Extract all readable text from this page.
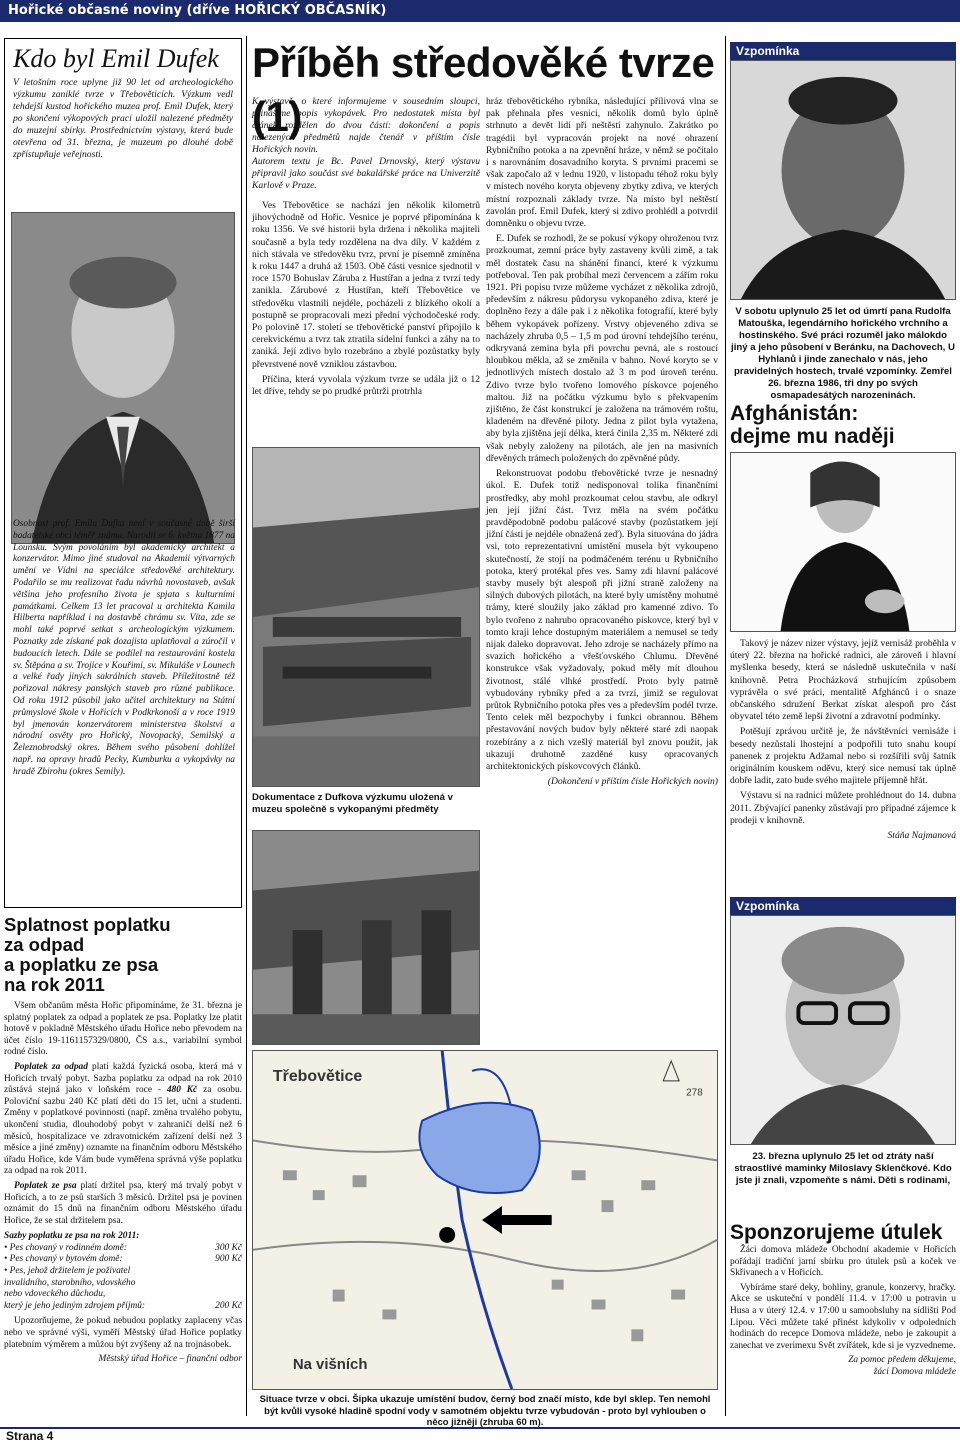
Hořické občasné noviny (dříve HOŘICKÝ OBČASNÍK)
Kdo byl Emil Dufek
V letošním roce uplyne již 90 let od archeologického výzkumu zaniklé tvrze v Třebověticích. Výzkum vedl tehdejší kustod hořického muzea prof. Emil Dufek, který po skončení výkopových prací uložil nalezené předměty do muzejní sbírky. Prostřednictvím výstavy, která bude otevřena od 31. března, je muzeum po dlouhé době zpřístupňuje veřejnosti.
Osobnost prof. Emila Dufka není v současné době širší badatelské obci téměř známa. Narodil se 6. května 1877 na Lounsku. Svým povoláním byl akademický architekt a konzervátor. Mimo jiné studoval na Akademii výtvarných umění ve Vídni na speciálce středověké architektury. Podařilo se mu realizovat řadu návrhů novostaveb, avšak většina jeho profesního života je spjata s kulturními památkami. Celkem 13 let pracoval u architekta Kamila Hilberta například i na dostavbě chrámu sv. Víta, zde se mohl také poprvé setkat s archeologickým výzkumem. Poznatky zde získané pak dozajista uplatňoval a zúročil v budoucích letech. Dále se podílel na restaurování kostela sv. Štěpána a sv. Trojice v Kouřimi, sv. Mikuláše v Lounech a velké řady jiných sakrálních staveb. Příležitostně též pořizoval nákresy panských staveb pro různé publikace. Od roku 1912 působil jako učitel architektury na Státní průmyslové škole v Hořicích v Podkrkonoší a v roce 1919 byl jmenován konzervátorem ministerstva školství a národní osvěty pro Hořický, Novopacký, Semilský a Železnobrodský okres. Během svého působení dohlížel např. na opravy hradů Pecky, Kumburku a vykopávky na hradě Zbirohu (okres Semily).
Splatnost poplatku
za odpad
a poplatku ze psa
na rok 2011

Všem občanům města Hořic připomínáme, že 31. března je splatný poplatek za odpad a poplatek ze psa. Poplatky lze platit hotově v pokladně Městského úřadu Hořice nebo převodem na účet číslo 19-1161157329/0800, ČS a.s., variabilní symbol rodné číslo.

Poplatek za odpad platí každá fyzická osoba, která má v Hořicích trvalý pobyt. Sazba poplatku za odpad na rok 2010 zůstává stejná jako v loňském roce - 480 Kč za osobu. Poloviční sazbu 240 Kč platí děti do 15 let, učni a studenti. Změny v poplatkové povinnosti (např. změna trvalého pobytu, ukončení studia, dlouhodobý pobyt v zahraničí delší než 6 měsíců, hospitalizace ve zdravotnickém zařízení delší než 3 měsíce a jiné změny) oznamte na finančním odboru Městského úřadu Hořice, kde Vám bude vyměřena správná výše poplatku za odpad na rok 2011.

Poplatek ze psa platí držitel psa, který má trvalý pobyt v Hořicích, a to ze psů starších 3 měsíců. Držitel psa je povinen oznámit do 15 dnů na finančním odboru Městského úřadu Hořice, že se stal držitelem psa.

Sazby poplatku ze psa na rok 2011:
• Pes chovaný v rodinném domě:	300 Kč
• Pes chovaný v bytovém domě:	900 Kč
• Pes, jehož držitelem je poživatel
invalidního, starobního, vdovského
nebo vdoveckého důchodu,
který je jeho jediným zdrojem příjmů:	200 Kč

Upozorňujeme, že pokud nebudou poplatky zaplaceny včas nebo ve správné výši, vyměří Městský úřad Hořice poplatky platebním výměrem a můžou být zvýšeny až na trojnásobek.

Městský úřad Hořice – finanční odbor
Příběh středověké tvrze (1)
K výstavě, o které informujeme v sousedním sloupci, přinášíme popis vykopávek. Pro nedostatek místa byl článek rozdělen do dvou částí: dokončení a popis nalezených předmětů najde čtenář v příštím čísle Hořických novin.
Autorem textu je Bc. Pavel Drnovský, který výstavu připravil jako součást své bakalářské práce na Univerzitě Karlově v Praze.

Ves Třebovětice se nachází jen několik kilometrů jihovýchodně od Hořic. Vesnice je poprvé připomínána k roku 1356. Ve své historii byla držena i několika majiteli současně a byla tedy rozdělena na dva díly. V každém z nich stávala ve středověku tvrz, první je písemně zmíněna k roku 1447 a druhá až 1503. Obě části vesnice sjednotil v roce 1570 Bohuslav Záruba z Hustířan a jedna z tvrzí tedy zanikla. Zárubové z Hustířan, kteří Třebovětice ve středověku vlastnili nejdéle, pocházeli z blízkého okolí a postupně se propracovali mezi přední východočeské rody. Po polovině 17. století se třebovětické panství připojilo k cerekvickému a tvrz tak ztratila sídelní funkci a záhy na to zaniká. Její zdivo bylo rozebráno a zbylé pozůstatky byly převrstvené nově vzniklou zástavbou.

Příčina, která vyvolala výzkum tvrze se udála již o 12 let dříve, tehdy se po prudké průtrži protrhla

Dokumentace z Dufkova výzkumu uložená v muzeu společně s vykopanými předměty

hráz třebovětického rybníka, následující přílivová vlna se pak přehnala přes vesnici, několik domů bylo úplně strhnuto a devět lidí při neštěstí zahynulo. Zakrátko po tragédii byl vypracován projekt na nové ohrazení Rybničního potoka a na zpevnění hráze, v němž se počítalo i s narovnáním dosavadního koryta. S prvními pracemi se však započalo až v lednu 1920, v listopadu téhož roku byly v místech nového koryta objeveny zbytky zdiva, ve kterých místní rozpoznali základy tvrze. Na místo byl neštěstí zavolán prof. Emil Dufek, který si zdivo prohlédl a potvrdil domněnku o objevu tvrze.

E. Dufek se rozhodl, že se pokusí výkopy ohroženou tvrz prozkoumat, zemní práce byly zastaveny kvůli zimě, a tak měl dostatek času na shánění financí, které k výzkumu potřeboval. Ten pak probíhal mezi červencem a zářím roku 1921. Při popisu tvrze můžeme vycházet z několika zdrojů, především z nákresu půdorysu vykopaného zdiva, které je doplněno řezy a dále pak i z několika fotografií, které byly během vykopávek pořízeny. Vrstvy objeveného zdiva se nacházely zhruba 0,5 – 1,5 m pod úrovní tehdejšího terénu, odkryvaná zemina byla při povrchu pevná, ale s rostoucí hloubkou měkla, až se změnila v bahno. Nové koryto se v jednotlivých místech dostalo až 3 m pod úroveň terénu. Zdivo tvrze bylo tvořeno lomového pískovce pojeného maltou. Již na počátku výzkumu bylo s překvapením zjištěno, že část konstrukcí je založena na trámovém roštu, kladeném na dřevěné piloty. Jedna z pilot byla vytažena, aby byla zjištěna její délka, která činila 2,35 m. Některé zdi však nebyly založeny na pilotách, ale jen na masivních dřevěných trámech položených do zpěvněné půdy.

Rekonstruovat podobu třebovětické tvrze je nesnadný úkol. E. Dufek totiž nedisponoval tolika finančními prostředky, aby mohl prozkoumat celou stavbu, ale odkryl jen její jižní část. Tvrz měla na svém počátku pravděpodobně podobu palácové stavby (pozůstatkem její jižní části je nejdéle obnažená zeď). Byla situována do jádra vsi, toto reprezentativní umístění musela být vykoupeno skutečností, že stojí na podmáčeném terénu u Rybničního potoka, který protékal přes ves. Samy zdi hlavní palácové stavby musely být alespoň při jižní straně založeny na silných dubových pilotách, na které byly umístěny mohutné trámy, které sloužily jako základ pro kamenné zdivo. To bylo tvořeno z nahrubo opracovaného pískovce, který byl v tomto kraji lehce dostupným materiálem a nemusel se tedy nijak daleko dopravovat. Jeho zdroje se nacházely přímo na svazích hořického a vřešťovského Chlumu. Dřevěné konstrukce však vyžadovaly, pokud měly mít dlouhou životnost, stálé vlhké prostředí. Proto byly patrně vybudovány rybníky před a za tvrzí, jimiž se regulovat průtok Rybničního potoka přes ves a především podél tvrze. Tento celek měl bezpochyby i funkci obrannou. Během přestavování nových budov byly některé staré zdi naopak rozebírány a z nich vzešlý materiál byl znovu použit, jak ukazují druhotně zazděné kusy opracovaných architektonických pískovcových článků.

(Dokončení v příštím čísle Hořických novin)
Třebovětice
Na višních
278
Situace tvrze v obci. Šipka ukazuje umístění budov, černý bod značí místo, kde byl sklep. Ten nemohl být kvůli vysoké hladině spodní vody v samotném objektu tvrze vybudován - proto byl vyhlouben o něco jižněji (zhruba 60 m).
Vzpomínka
V sobotu uplynulo 25 let od úmrtí pana Rudolfa Matouška, legendárního hořického vrchního a hostinského. Své práci rozuměl jako málokdo jiný a jeho působení v Beránku, na Dachovech, U Hyhlanů i jinde zanechalo v nás, jeho pravidelných hostech, trvalé vzpomínky. Zemřel 26. března 1986, tři dny po svých osmapadesátých narozeninách.
Afghánistán:
dejme mu naději

Takový je název nizer výstavy, jejíž vernisáž proběhla v úterý 22. března na hořické radnici, ale zároveň i hlavní myšlenka besedy, která se následně uskutečnila v naší knihovně. Petra Procházková strhujícím způsobem vyprávěla o své práci, mentalitě Afghánců i o snaze občanského sdružení Berkat získat alespoň pro část obyvatel této země lepší životní a zdravotní podmínky.

Potěšují zprávou určitě je, že návštěvníci vernisáže i besedy nezůstali lhostejní a podpořili tuto snahu koupí panenek z projektu Adžamal nebo si rozšířili svůj šatník originálním kouskem oděvu, který sice nemusí tak úplně dobře ladit, zato bude svého majitele příjemně hřát.

Výstavu si na radnici můžete prohlédnout do 14. dubna 2011. Zbývající panenky zůstávají pro případné zájemce k prodeji v knihovně.

Stáňa Najmanová
Vzpomínka
23. března uplynulo 25 let od ztráty naší straostlivé maminky Miloslavy Sklenčkové. Kdo jste ji znali, vzpomeňte s námi. Děti s rodinami,
Sponzorujeme útulek

Žáci domova mládeže Obchodní akademie v Hořicích pořádají tradiční jarní sbírku pro útulek psů a koček ve Skřivanech a v Hořicích.

Vybíráme staré deky, bohliny, granule, konzervy, hračky. Akce se uskuteční v pondělí 11.4. v 17:00 u potravin u Husa a v úterý 12.4. v 17:00 u samoobsluhy na sídlišti Pod Lipou. Věci můžete také přinést kdykoliv v odpoledních hodinách do recepce Domova mládeže, nebo je zakoupit a zanechat ve zverimexu Svět zvířátek, kde si je vyzvedneme.

Za pomoc předem děkujeme,
žáci Domova mládeže
Strana 4
